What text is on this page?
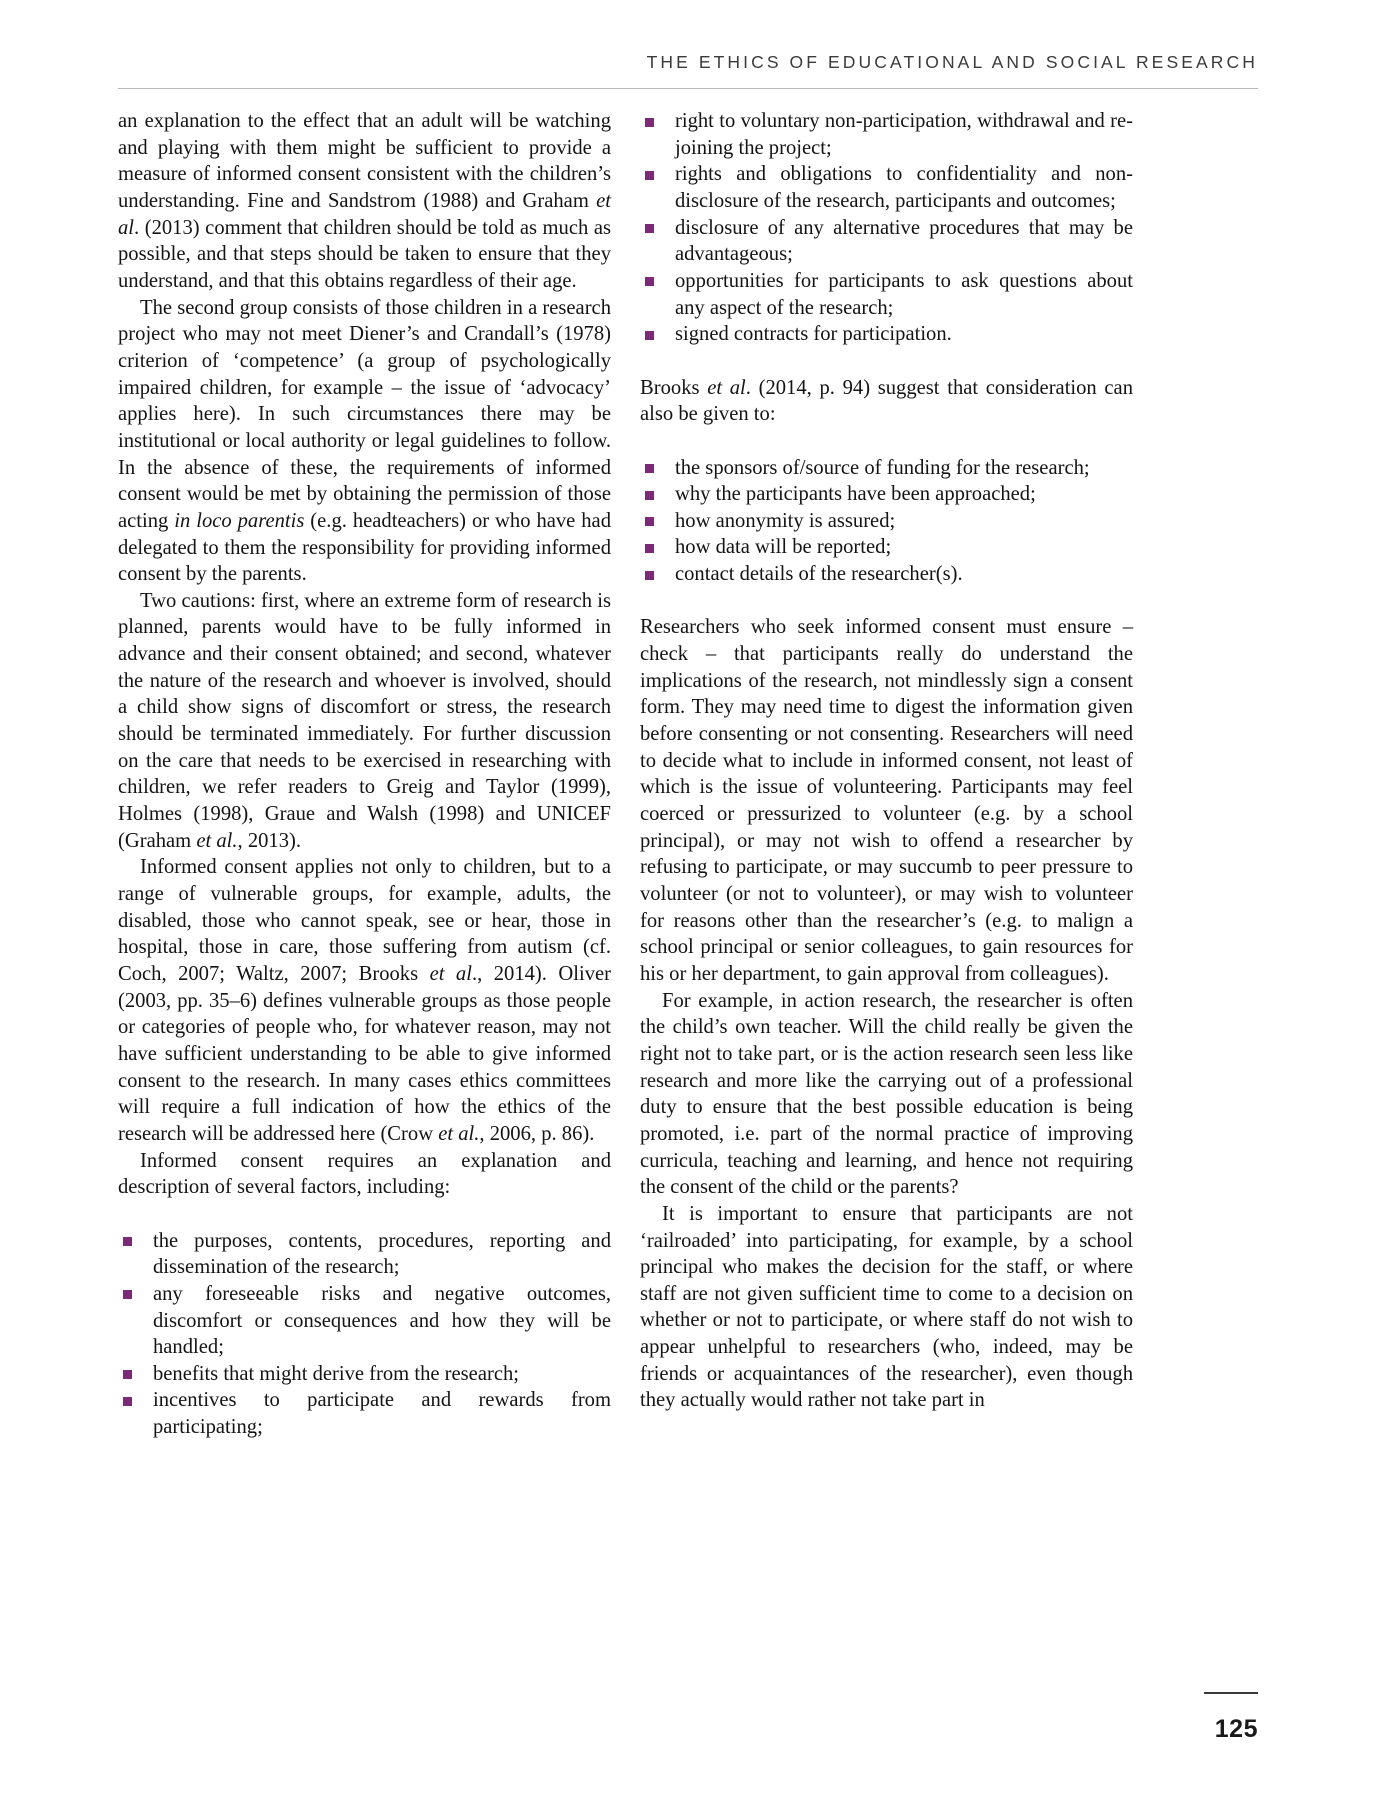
THE ETHICS OF EDUCATIONAL AND SOCIAL RESEARCH

an explanation to the effect that an adult will be watching and playing with them might be sufficient to provide a measure of informed consent consistent with the children’s understanding. Fine and Sandstrom (1988) and Graham et al. (2013) comment that children should be told as much as possible, and that steps should be taken to ensure that they understand, and that this obtains regardless of their age.

The second group consists of those children in a research project who may not meet Diener’s and Crandall’s (1978) criterion of ‘competence’ (a group of psychologically impaired children, for example – the issue of ‘advocacy’ applies here). In such circumstances there may be institutional or local authority or legal guidelines to follow. In the absence of these, the requirements of informed consent would be met by obtaining the permission of those acting in loco parentis (e.g. headteachers) or who have had delegated to them the responsibility for providing informed consent by the parents.

Two cautions: first, where an extreme form of research is planned, parents would have to be fully informed in advance and their consent obtained; and second, whatever the nature of the research and whoever is involved, should a child show signs of discomfort or stress, the research should be terminated immediately. For further discussion on the care that needs to be exercised in researching with children, we refer readers to Greig and Taylor (1999), Holmes (1998), Graue and Walsh (1998) and UNICEF (Graham et al., 2013).

Informed consent applies not only to children, but to a range of vulnerable groups, for example, adults, the disabled, those who cannot speak, see or hear, those in hospital, those in care, those suffering from autism (cf. Coch, 2007; Waltz, 2007; Brooks et al., 2014). Oliver (2003, pp. 35–6) defines vulnerable groups as those people or categories of people who, for whatever reason, may not have sufficient understanding to be able to give informed consent to the research. In many cases ethics committees will require a full indication of how the ethics of the research will be addressed here (Crow et al., 2006, p. 86).

Informed consent requires an explanation and description of several factors, including:

the purposes, contents, procedures, reporting and dissemination of the research;
any foreseeable risks and negative outcomes, discomfort or consequences and how they will be handled;
benefits that might derive from the research;
incentives to participate and rewards from participating;
right to voluntary non-participation, withdrawal and re-joining the project;
rights and obligations to confidentiality and non-disclosure of the research, participants and outcomes;
disclosure of any alternative procedures that may be advantageous;
opportunities for participants to ask questions about any aspect of the research;
signed contracts for participation.

Brooks et al. (2014, p. 94) suggest that consideration can also be given to:

the sponsors of/source of funding for the research;
why the participants have been approached;
how anonymity is assured;
how data will be reported;
contact details of the researcher(s).

Researchers who seek informed consent must ensure – check – that participants really do understand the implications of the research, not mindlessly sign a consent form. They may need time to digest the information given before consenting or not consenting. Researchers will need to decide what to include in informed consent, not least of which is the issue of volunteering. Participants may feel coerced or pressurized to volunteer (e.g. by a school principal), or may not wish to offend a researcher by refusing to participate, or may succumb to peer pressure to volunteer (or not to volunteer), or may wish to volunteer for reasons other than the researcher’s (e.g. to malign a school principal or senior colleagues, to gain resources for his or her department, to gain approval from colleagues).

For example, in action research, the researcher is often the child’s own teacher. Will the child really be given the right not to take part, or is the action research seen less like research and more like the carrying out of a professional duty to ensure that the best possible education is being promoted, i.e. part of the normal practice of improving curricula, teaching and learning, and hence not requiring the consent of the child or the parents?

It is important to ensure that participants are not ‘railroaded’ into participating, for example, by a school principal who makes the decision for the staff, or where staff are not given sufficient time to come to a decision on whether or not to participate, or where staff do not wish to appear unhelpful to researchers (who, indeed, may be friends or acquaintances of the researcher), even though they actually would rather not take part in

125
